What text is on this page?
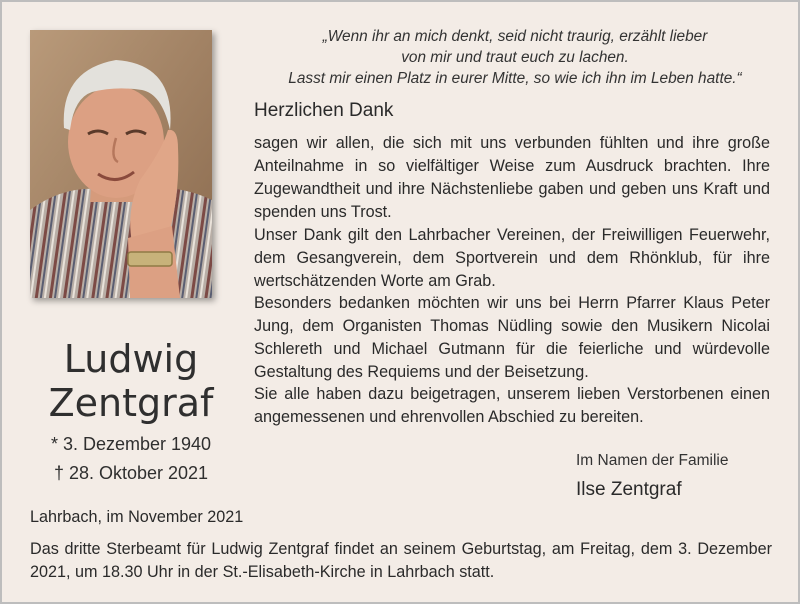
„Wenn ihr an mich denkt, seid nicht traurig, erzählt lieber
von mir und traut euch zu lachen.
Lasst mir einen Platz in eurer Mitte, so wie ich ihn im Leben hatte.“
Herzlichen Dank
sagen wir allen, die sich mit uns verbunden fühlten und ihre große Anteilnahme in so vielfältiger Weise zum Ausdruck brachten. Ihre Zugewandtheit und ihre Nächstenliebe gaben und geben uns Kraft und spenden uns Trost.
Unser Dank gilt den Lahrbacher Vereinen, der Freiwilligen Feuerwehr, dem Gesangverein, dem Sportverein und dem Rhönklub, für ihre wertschätzenden Worte am Grab.
Besonders bedanken möchten wir uns bei Herrn Pfarrer Klaus Peter Jung, dem Organisten Thomas Nüdling sowie den Musikern Nicolai Schlereth und Michael Gutmann für die feierliche und würdevolle Gestaltung des Requiems und der Beisetzung.
Sie alle haben dazu beigetragen, unserem lieben Verstorbenen einen angemessenen und ehrenvollen Abschied zu bereiten.
Ludwig
Zentgraf
* 3. Dezember 1940
† 28. Oktober 2021
Im Namen der Familie
Ilse Zentgraf
Lahrbach, im November 2021
Das dritte Sterbeamt für Ludwig Zentgraf findet an seinem Geburtstag, am Freitag, dem 3. Dezember 2021, um 18.30 Uhr in der St.-Elisabeth-Kirche in Lahrbach statt.
